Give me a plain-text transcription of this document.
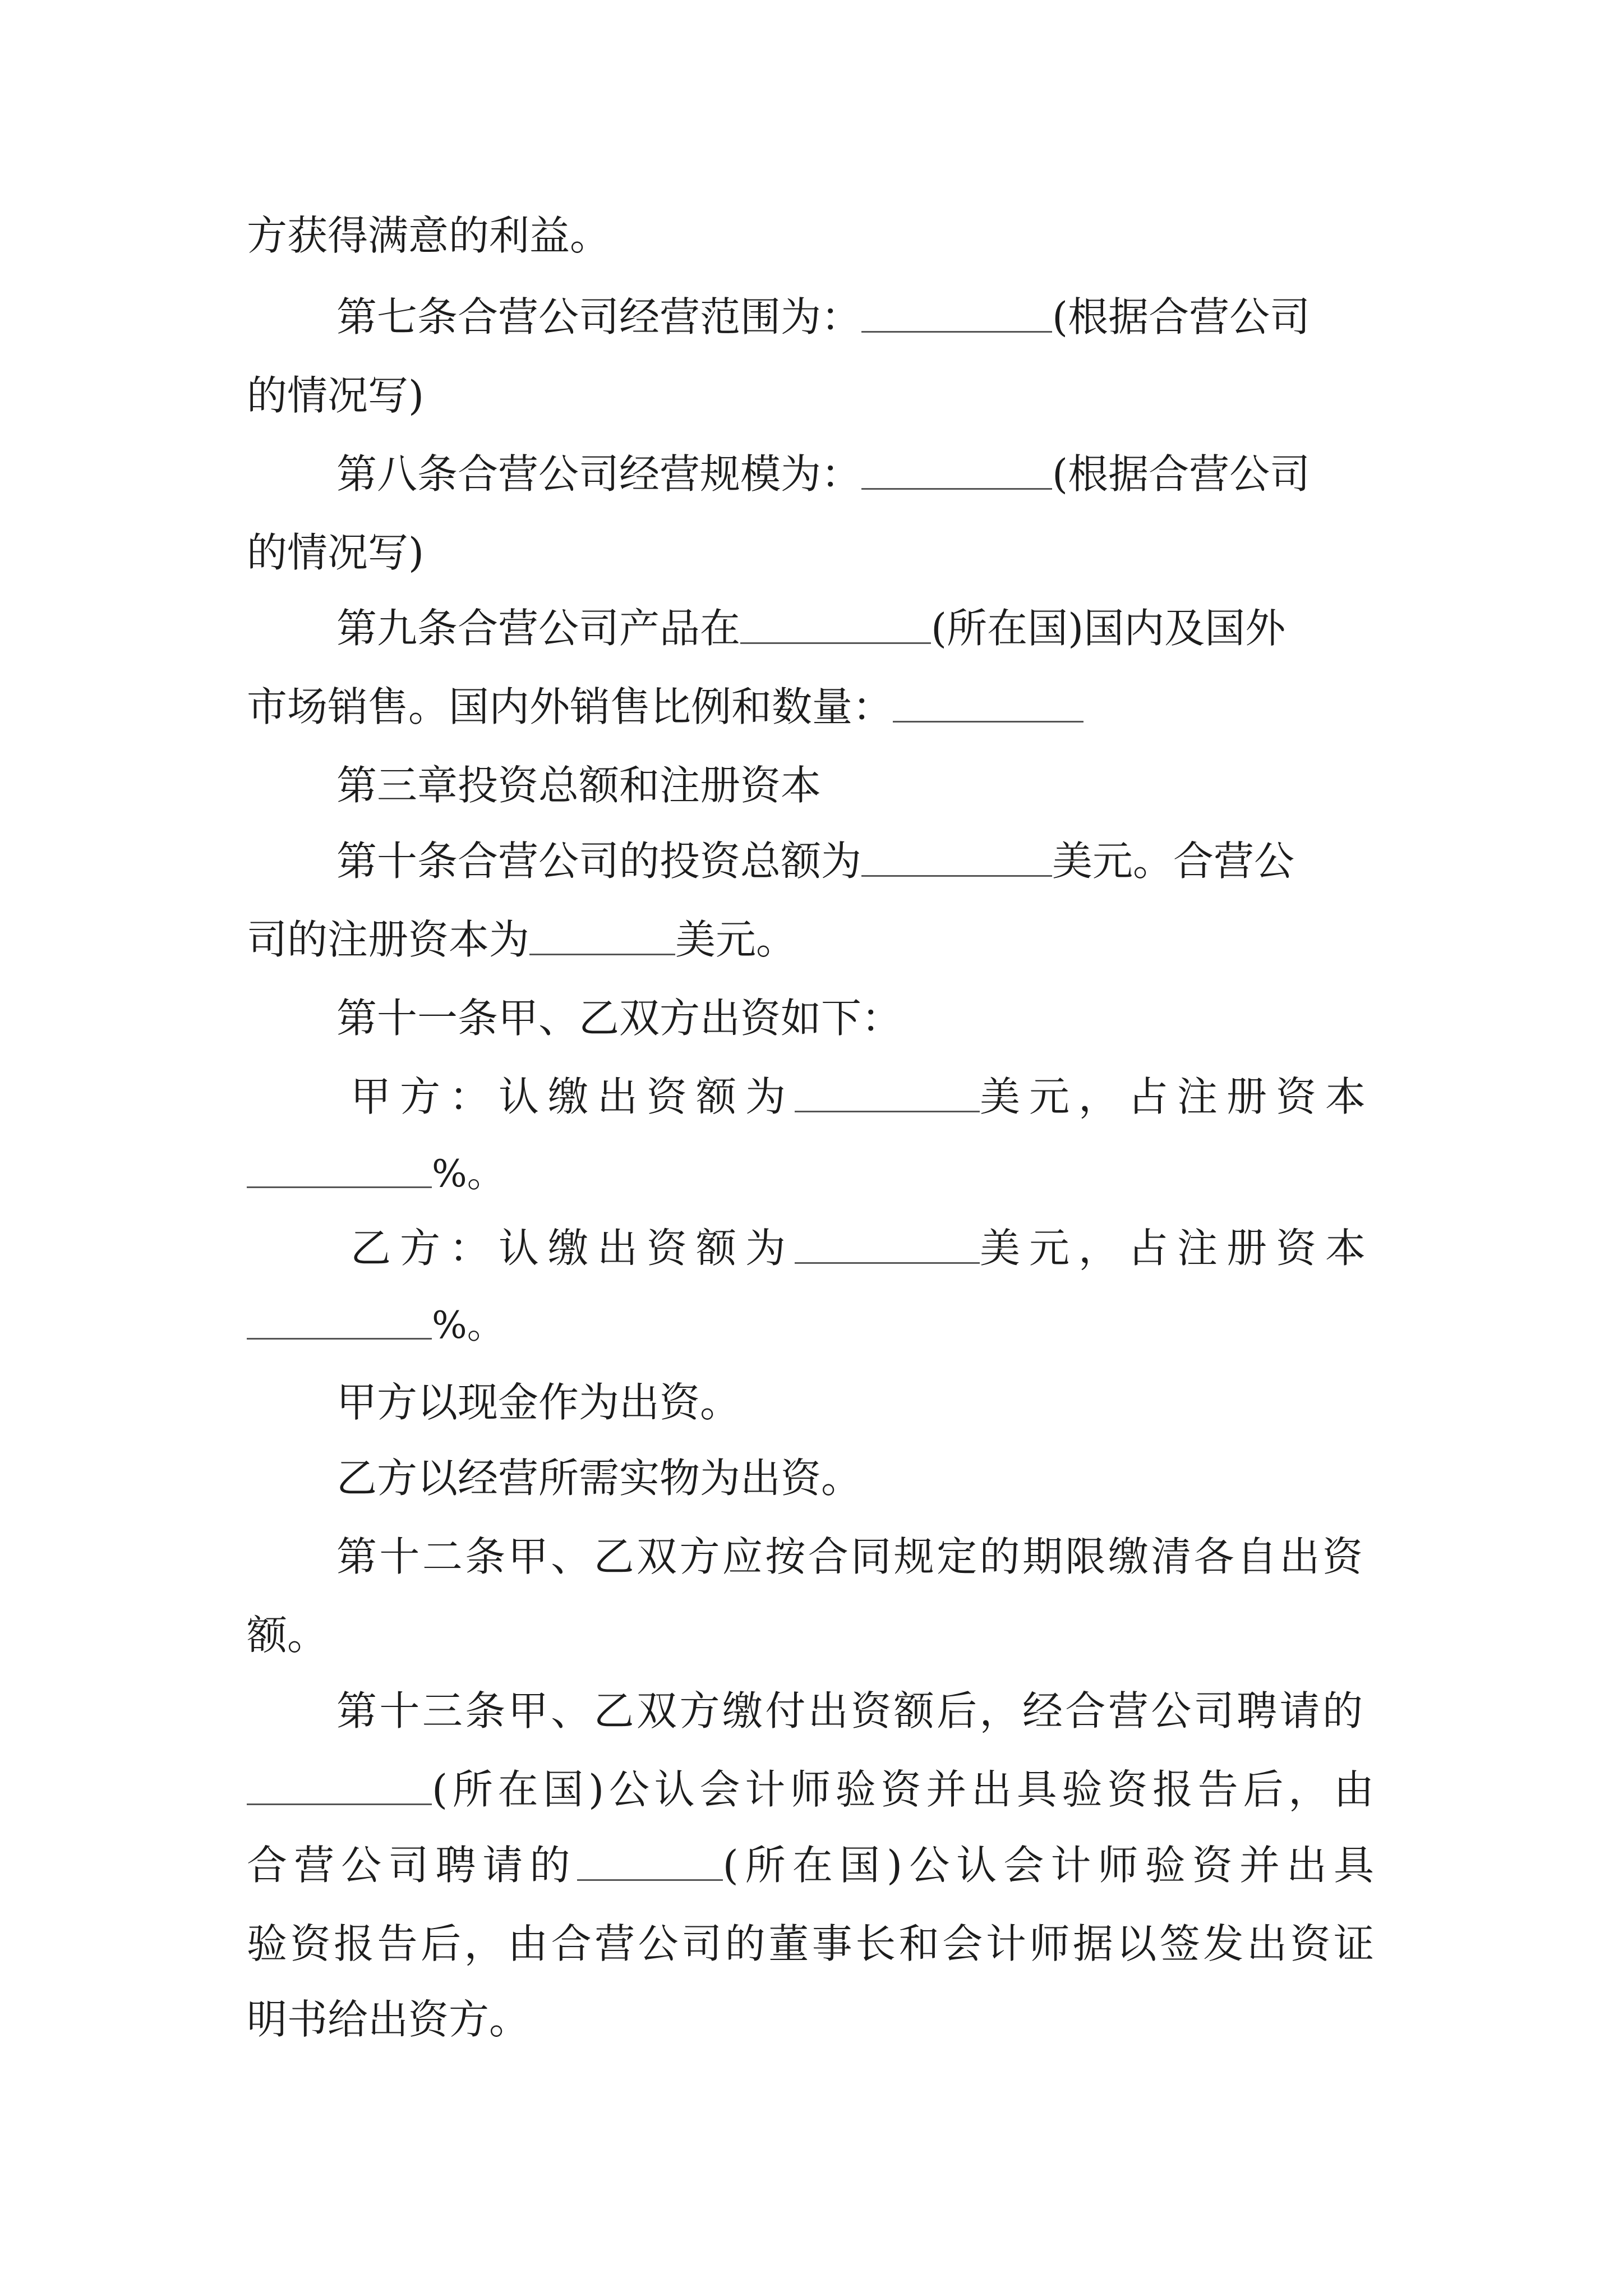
方获得满意的利益。
第七条合营公司经营范围为：	(根据合营公司
的情况写)
第八条合营公司经营规模为：	(根据合营公司
的情况写)
第九条合营公司产品在	(所在国)国内及国外
市场销售。国内外销售比例和数量：
第三章投资总额和注册资本
第十条合营公司的投资总额为	美元。合营公
司的注册资本为	美元。
第十一条甲、乙双方出资如下：
甲方：认缴出资额为	美元，占注册资本
%。
乙方：认缴出资额为	美元，占注册资本
%。
甲方以现金作为出资。
乙方以经营所需实物为出资。
第十二条甲、乙双方应按合同规定的期限缴清各自出资
额。
第十三条甲、乙双方缴付出资额后，经合营公司聘请的
(所在国)公认会计师验资并出具验资报告后，由
合营公司聘请的	(所在国)公认会计师验资并出具
验资报告后，由合营公司的董事长和会计师据以签发出资证
明书给出资方。
